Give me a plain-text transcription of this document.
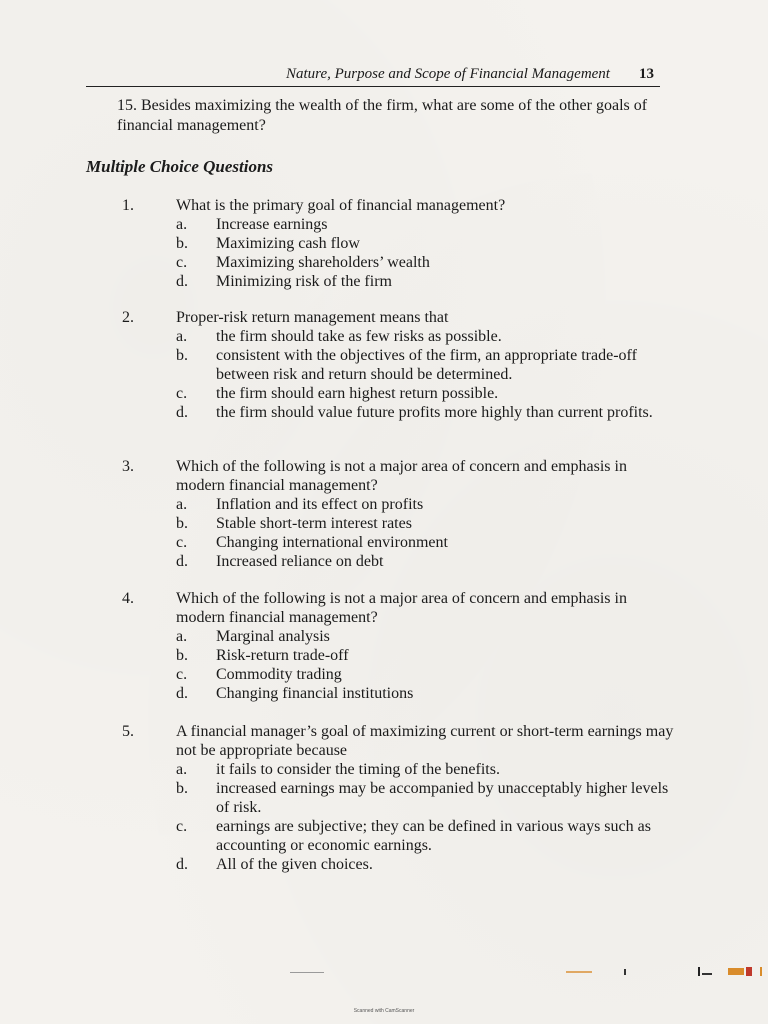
Nature, Purpose and Scope of Financial Management 13
15. Besides maximizing the wealth of the firm, what are some of the other goals of financial management?
Multiple Choice Questions
1.	What is the primary goal of financial management?
a. Increase earnings
b. Maximizing cash flow
c. Maximizing shareholders’ wealth
d. Minimizing risk of the firm
2.	Proper-risk return management means that
a. the firm should take as few risks as possible.
b. consistent with the objectives of the firm, an appropriate trade-off between risk and return should be determined.
c. the firm should earn highest return possible.
d. the firm should value future profits more highly than current profits.
3.	Which of the following is not a major area of concern and emphasis in modern financial management?
a. Inflation and its effect on profits
b. Stable short-term interest rates
c. Changing international environment
d. Increased reliance on debt
4.	Which of the following is not a major area of concern and emphasis in modern financial management?
a. Marginal analysis
b. Risk-return trade-off
c. Commodity trading
d. Changing financial institutions
5.	A financial manager’s goal of maximizing current or short-term earnings may not be appropriate because
a. it fails to consider the timing of the benefits.
b. increased earnings may be accompanied by unacceptably higher levels of risk.
c. earnings are subjective; they can be defined in various ways such as accounting or economic earnings.
d. All of the given choices.
Scanned with CamScanner
